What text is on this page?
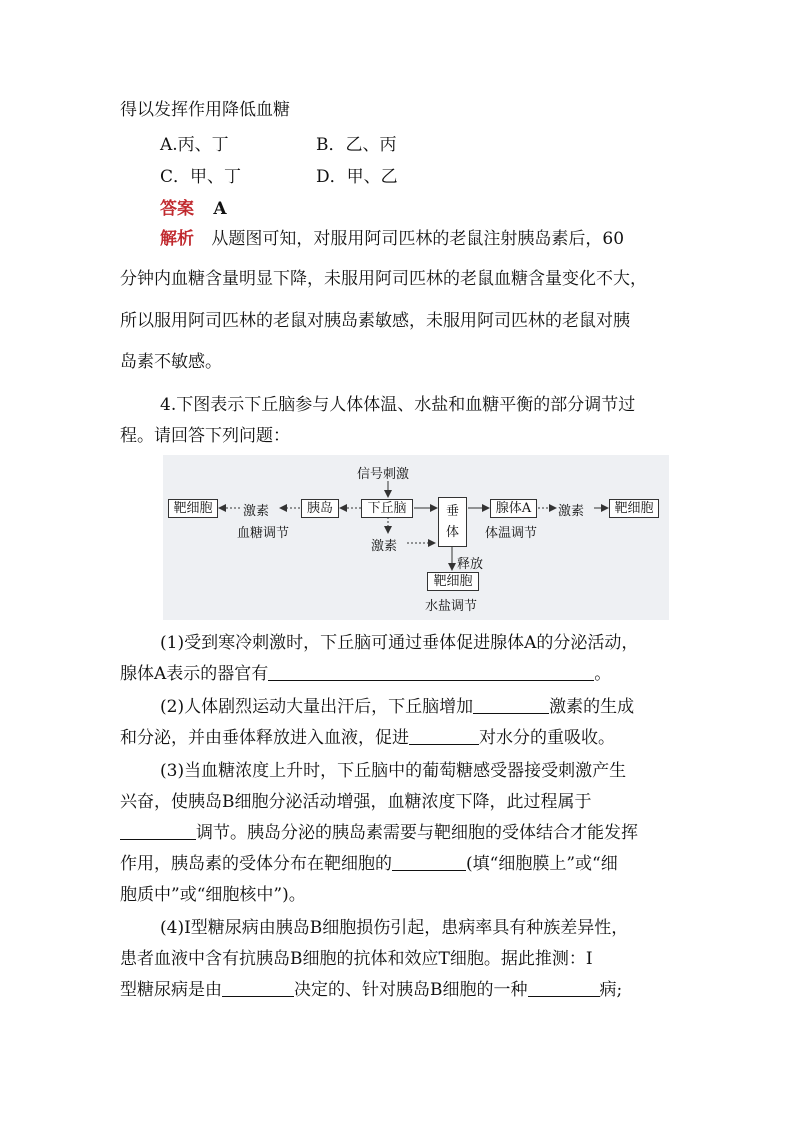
得以发挥作用降低血糖
A.丙、丁	B．乙、丙
C．甲、丁	D．甲、乙
答案 A
解析 从题图可知，对服用阿司匹林的老鼠注射胰岛素后，60
分钟内血糖含量明显下降，未服用阿司匹林的老鼠血糖含量变化不大，
所以服用阿司匹林的老鼠对胰岛素敏感，未服用阿司匹林的老鼠对胰
岛素不敏感。
4.下图表示下丘脑参与人体体温、水盐和血糖平衡的部分调节过
程。请回答下列问题：
信号刺激
靶细胞	激素	胰岛	下丘脑	垂体
腺体A	激素	靶细胞
血糖调节	体温调节
激素
释放
靶细胞
水盐调节
(1)受到寒冷刺激时，下丘脑可通过垂体促进腺体A的分泌活动，
腺体A表示的器官有	。
(2)人体剧烈运动大量出汗后，下丘脑增加	激素的生成
和分泌，并由垂体释放进入血液，促进	对水分的重吸收。
(3)当血糖浓度上升时，下丘脑中的葡萄糖感受器接受刺激产生
兴奋，使胰岛B细胞分泌活动增强，血糖浓度下降，此过程属于
调节。胰岛分泌的胰岛素需要与靶细胞的受体结合才能发挥
作用，胰岛素的受体分布在靶细胞的	(填“细胞膜上”或“细
胞质中”或“细胞核中”)。
(4)Ⅰ型糖尿病由胰岛B细胞损伤引起，患病率具有种族差异性，
患者血液中含有抗胰岛B细胞的抗体和效应T细胞。据此推测：Ⅰ
型糖尿病是由	决定的、针对胰岛B细胞的一种	病;
